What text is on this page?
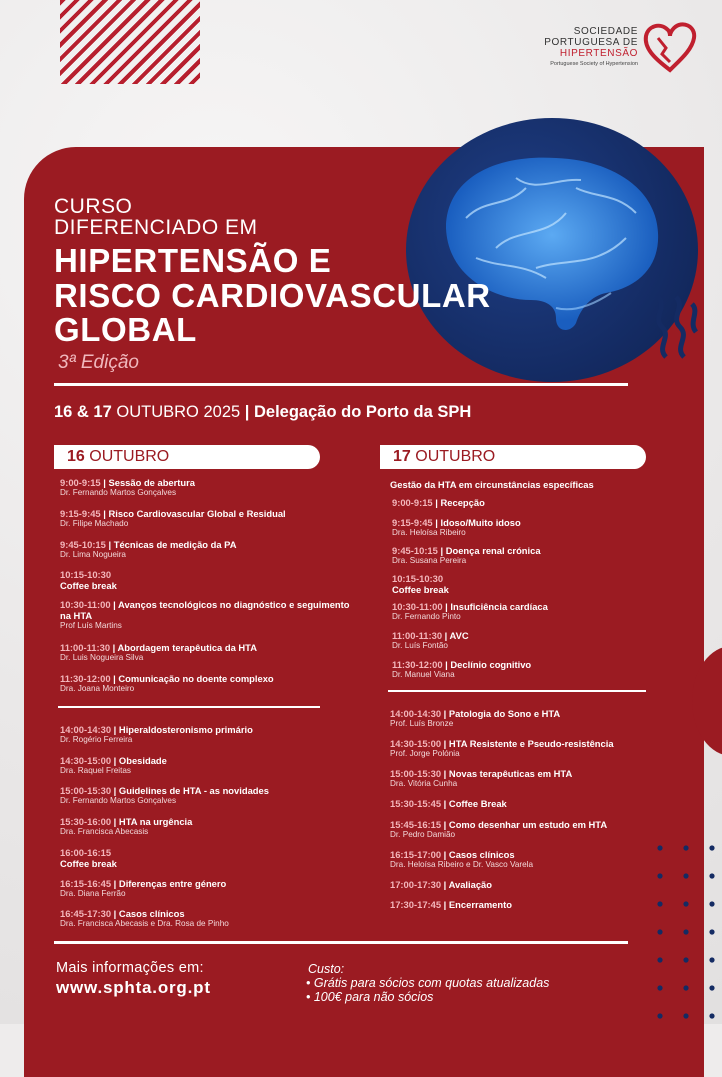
SOCIEDADE
PORTUGUESA DE
HIPERTENSÃO
Portuguese Society of Hypertension
CURSO
DIFERENCIADO EM
HIPERTENSÃO E
RISCO CARDIOVASCULAR
GLOBAL
3ª Edição
16 & 17 OUTUBRO 2025 | Delegação do Porto da SPH
16 OUTUBRO	17 OUTUBRO
Gestão da HTA em circunstâncias específicas
9:00-9:15 | Sessão de abertura
Dr. Fernando Martos Gonçalves
9:15-9:45 | Risco Cardiovascular Global e Residual
Dr. Filipe Machado
9:45-10:15 | Técnicas de medição da PA
Dr. Lima Nogueira
10:15-10:30
Coffee break
10:30-11:00 | Avanços tecnológicos no diagnóstico e seguimento na HTA
Prof Luís Martins
11:00-11:30 | Abordagem terapêutica da HTA
Dr. Luis Nogueira Silva
11:30-12:00 | Comunicação no doente complexo
Dra. Joana Monteiro
14:00-14:30 | Hiperaldosteronismo primário
Dr. Rogério Ferreira
14:30-15:00 | Obesidade
Dra. Raquel Freitas
15:00-15:30 | Guidelines de HTA - as novidades
Dr. Fernando Martos Gonçalves
15:30-16:00 | HTA na urgência
Dra. Francisca Abecasis
16:00-16:15
Coffee break
16:15-16:45 | Diferenças entre género
Dra. Diana Ferrão
16:45-17:30 | Casos clínicos
Dra. Francisca Abecasis e Dra. Rosa de Pinho
9:00-9:15 | Recepção
9:15-9:45 | Idoso/Muito idoso
Dra. Heloísa Ribeiro
9:45-10:15 | Doença renal crónica
Dra. Susana Pereira
10:15-10:30
Coffee break
10:30-11:00 | Insuficiência cardíaca
Dr. Fernando Pinto
11:00-11:30 | AVC
Dr. Luís Fontão
11:30-12:00 | Declínio cognitivo
Dr. Manuel Viana
14:00-14:30 | Patologia do Sono e HTA
Prof. Luís Bronze
14:30-15:00 | HTA Resistente e Pseudo-resistência
Prof. Jorge Polónia
15:00-15:30 | Novas terapêuticas em HTA
Dra. Vitória Cunha
15:30-15:45 | Coffee Break
15:45-16:15 | Como desenhar um estudo em HTA
Dr. Pedro Damião
16:15-17:00 | Casos clínicos
Dra. Heloísa Ribeiro e Dr. Vasco Varela
17:00-17:30 | Avaliação
17:30-17:45 | Encerramento
Mais informações em:
www.sphta.org.pt
Custo:
• Grátis para sócios com quotas atualizadas
• 100€ para não sócios
